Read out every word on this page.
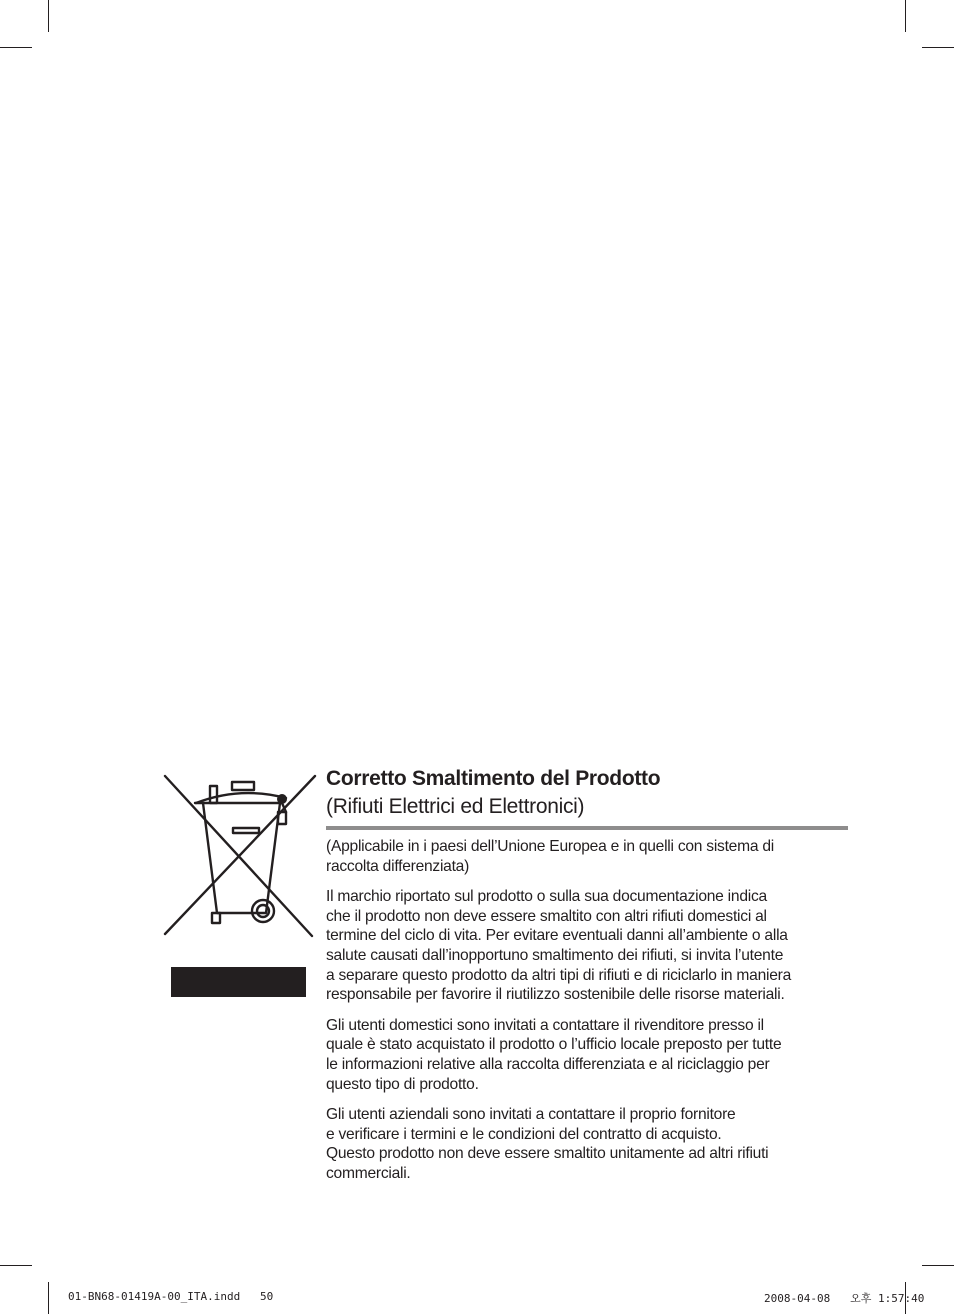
Corretto Smaltimento del Prodotto
(Rifiuti Elettrici ed Elettronici)

(Applicabile in i paesi dell’Unione Europea e in quelli con sistema di
raccolta differenziata)

Il marchio riportato sul prodotto o sulla sua documentazione indica
che il prodotto non deve essere smaltito con altri rifiuti domestici al
termine del ciclo di vita. Per evitare eventuali danni all’ambiente o alla
salute causati dall’inopportuno smaltimento dei rifiuti, si invita l’utente
a separare questo prodotto da altri tipi di rifiuti e di riciclarlo in maniera
responsabile per favorire il riutilizzo sostenibile delle risorse materiali.

Gli utenti domestici sono invitati a contattare il rivenditore presso il
quale è stato acquistato il prodotto o l’ufficio locale preposto per tutte
le informazioni relative alla raccolta differenziata e al riciclaggio per
questo tipo di prodotto.

Gli utenti aziendali sono invitati a contattare il proprio fornitore
e verificare i termini e le condizioni del contratto di acquisto.
Questo prodotto non deve essere smaltito unitamente ad altri rifiuti
commerciali.

01-BN68-01419A-00_ITA.indd   50	2008-04-08   오후 1:57:40
